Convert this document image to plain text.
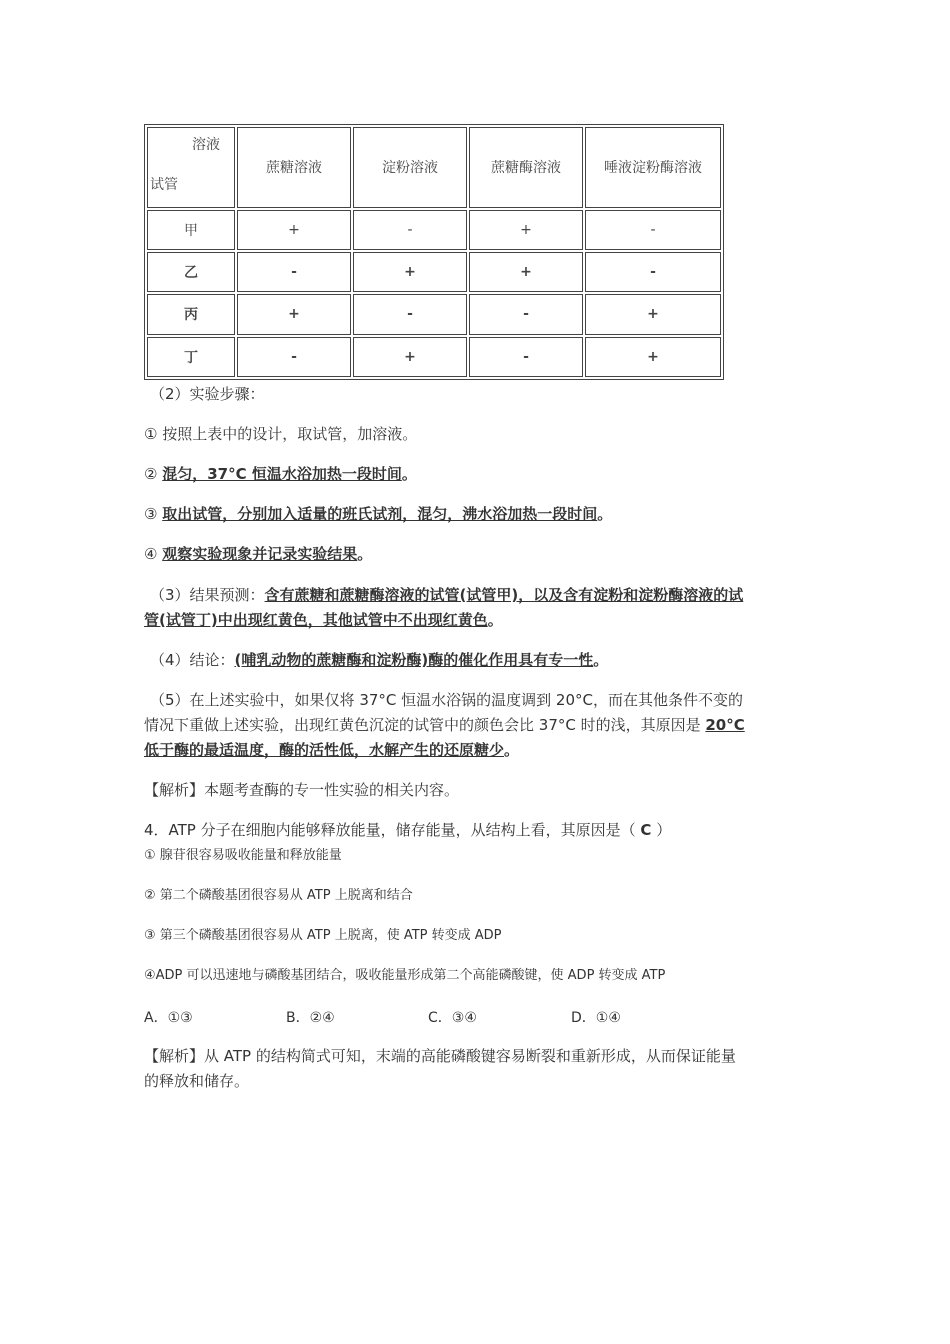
溶液
试管	蔗糖溶液	淀粉溶液	蔗糖酶溶液	唾液淀粉酶溶液
甲	+	-	+	-
乙	-	+	+	-
丙	+	-	-	+
丁	-	+	-	+
（2）实验步骤：
① 按照上表中的设计，取试管，加溶液。
② 混匀，37°C 恒温水浴加热一段时间。
③ 取出试管，分别加入适量的班氏试剂，混匀，沸水浴加热一段时间。
④ 观察实验现象并记录实验结果。
（3）结果预测：含有蔗糖和蔗糖酶溶液的试管(试管甲)，以及含有淀粉和淀粉酶溶液的试
管(试管丁)中出现红黄色，其他试管中不出现红黄色。
（4）结论：(哺乳动物的蔗糖酶和淀粉酶)酶的催化作用具有专一性。
（5）在上述实验中，如果仅将 37°C 恒温水浴锅的温度调到 20°C，而在其他条件不变的
情况下重做上述实验，出现红黄色沉淀的试管中的颜色会比 37°C 时的浅，其原因是 20°C
低于酶的最适温度，酶的活性低，水解产生的还原糖少。
【解析】本题考查酶的专一性实验的相关内容。
4．ATP 分子在细胞内能够释放能量，储存能量，从结构上看，其原因是（ C ）
① 腺苷很容易吸收能量和释放能量
② 第二个磷酸基团很容易从 ATP 上脱离和结合
③ 第三个磷酸基团很容易从 ATP 上脱离，使 ATP 转变成 ADP
④ADP 可以迅速地与磷酸基团结合，吸收能量形成第二个高能磷酸键，使 ADP 转变成 ATP
A．①③	B．②④	C．③④	D．①④
【解析】从 ATP 的结构简式可知，末端的高能磷酸键容易断裂和重新形成，从而保证能量
的释放和储存。
